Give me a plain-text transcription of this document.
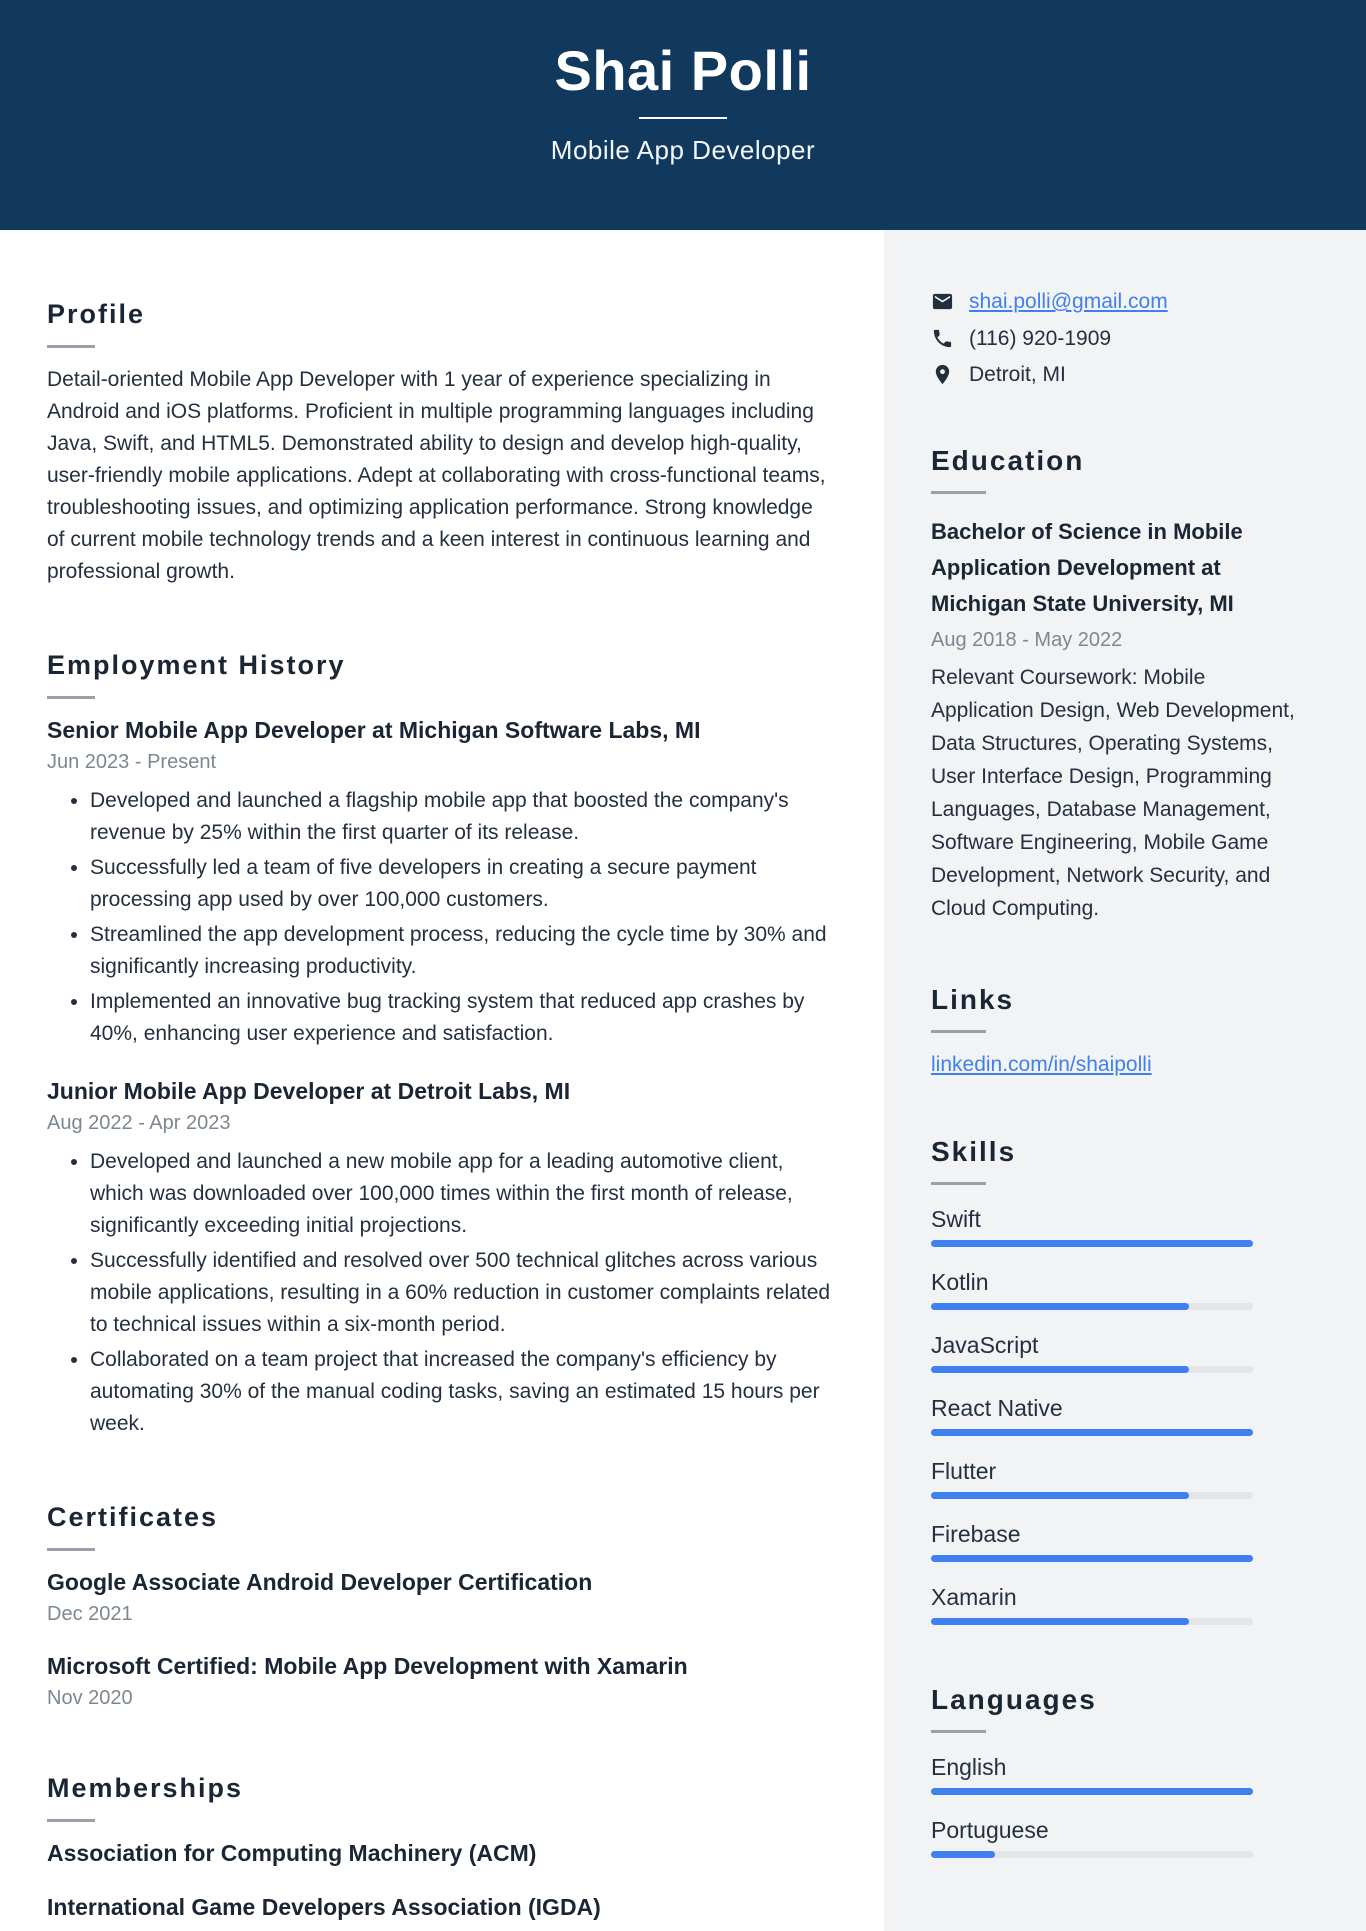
Shai Polli

Mobile App Developer

Profile

Detail-oriented Mobile App Developer with 1 year of experience specializing in Android and iOS platforms. Proficient in multiple programming languages including Java, Swift, and HTML5. Demonstrated ability to design and develop high-quality, user-friendly mobile applications. Adept at collaborating with cross-functional teams, troubleshooting issues, and optimizing application performance. Strong knowledge of current mobile technology trends and a keen interest in continuous learning and professional growth.

Employment History

Senior Mobile App Developer at Michigan Software Labs, MI

Jun 2023 - Present

• Developed and launched a flagship mobile app that boosted the company's revenue by 25% within the first quarter of its release.
• Successfully led a team of five developers in creating a secure payment processing app used by over 100,000 customers.
• Streamlined the app development process, reducing the cycle time by 30% and significantly increasing productivity.
• Implemented an innovative bug tracking system that reduced app crashes by 40%, enhancing user experience and satisfaction.

Junior Mobile App Developer at Detroit Labs, MI

Aug 2022 - Apr 2023

• Developed and launched a new mobile app for a leading automotive client, which was downloaded over 100,000 times within the first month of release, significantly exceeding initial projections.
• Successfully identified and resolved over 500 technical glitches across various mobile applications, resulting in a 60% reduction in customer complaints related to technical issues within a six-month period.
• Collaborated on a team project that increased the company's efficiency by automating 30% of the manual coding tasks, saving an estimated 15 hours per week.
Certificates

Google Associate Android Developer Certification

Dec 2021

Microsoft Certified: Mobile App Development with Xamarin

Nov 2020

Memberships

Association for Computing Machinery (ACM)

International Game Developers Association (IGDA)

shai.polli@gmail.com
(116) 920-1909
Detroit, MI
Education

Bachelor of Science in Mobile Application Development at Michigan State University, MI

Aug 2018 - May 2022

Relevant Coursework: Mobile Application Design, Web Development, Data Structures, Operating Systems, User Interface Design, Programming Languages, Database Management, Software Engineering, Mobile Game Development, Network Security, and Cloud Computing.

Links
linkedin.com/in/shaipolli
Skills
Swift
Kotlin
JavaScript
React Native
Flutter
Firebase
Xamarin
Languages
English
Portuguese
